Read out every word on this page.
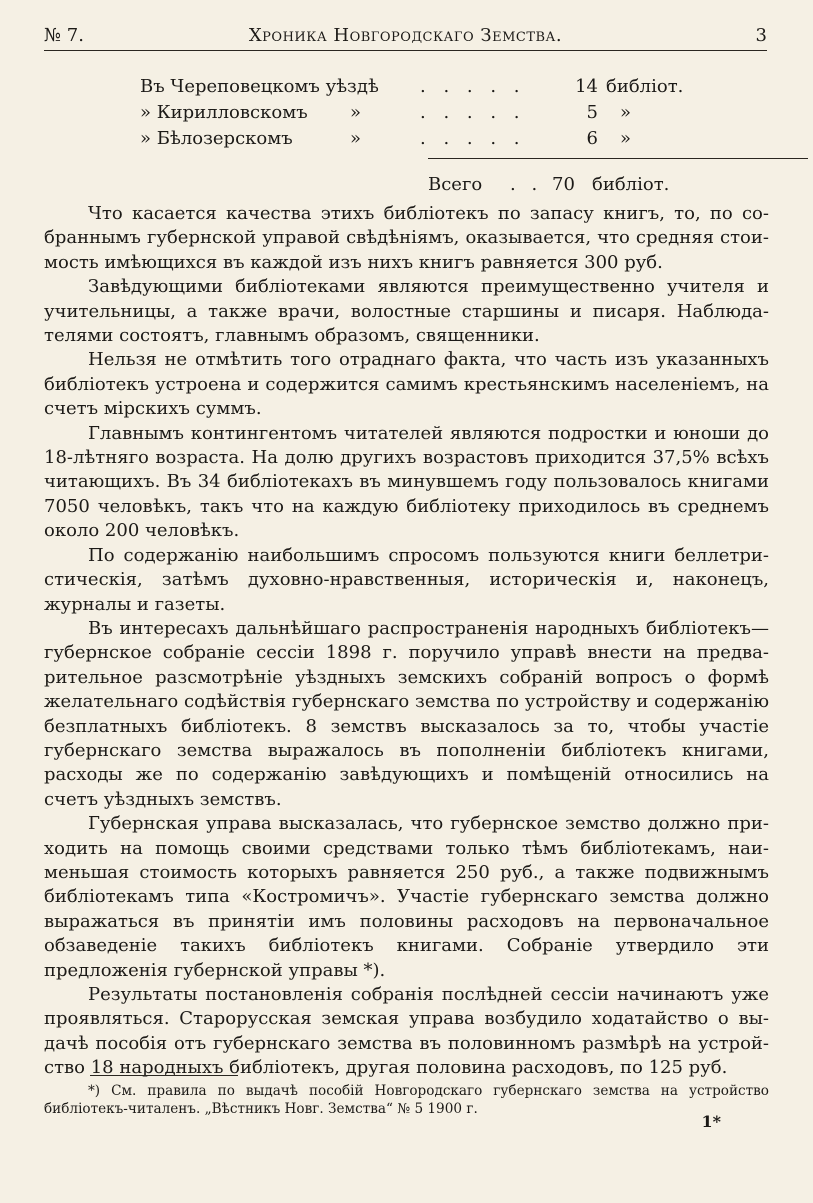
№ 7.	Хроника Новгородскаго Земства.	3
Въ Череповецкомъ уѣздѣ . . . . .	14 библiот.
» Кирилловскомъ »	. . . . .	5 »
» Бѣлозерскомъ	»	. . . . .	6 »
Всего . . 70 библiот.

Что касается качества этихъ библiотекъ по запасу книгъ, то, по собраннымъ губернской управой свѣдѣнiямъ, оказывается, что средняя стоимость имѣющихся въ каждой изъ нихъ книгъ равняется 300 руб.

Завѣдующими библiотеками являются преимущественно учителя и учительницы, а также врачи, волостные старшины и писаря. Наблюдателями состоятъ, главнымъ образомъ, священники.

Нельзя не отмѣтить того отраднаго факта, что часть изъ указанныхъ библiотекъ устроена и содержится самимъ крестьянскимъ населенiемъ, на счетъ мiрскихъ суммъ.

Главнымъ контингентомъ читателей являются подростки и юноши до 18-лѣтняго возраста. На долю другихъ возрастовъ приходится 37,5% всѣхъ читающихъ. Въ 34 библiотекахъ въ минувшемъ году пользовалось книгами 7050 человѣкъ, такъ что на каждую библiотеку приходилось въ среднемъ около 200 человѣкъ.

По содержанiю наибольшимъ спросомъ пользуются книги беллетристическiя, затѣмъ духовно-нравственныя, историческiя и, наконецъ, журналы и газеты.

Въ интересахъ дальнѣйшаго распространенiя народныхъ библiотекъ— губернское собранiе сессiи 1898 г. поручило управѣ внести на предварительное разсмотрѣнiе уѣздныхъ земскихъ собранiй вопросъ о формѣ желательнаго содѣйствiя губернскаго земства по устройству и содержанiю безплатныхъ библiотекъ. 8 земствъ высказалось за то, чтобы участiе губернскаго земства выражалось въ пополненiи библiотекъ книгами, расходы же по содержанiю завѣдующихъ и помѣщенiй относились на счетъ уѣздныхъ земствъ.

Губернская управа высказалась, что губернское земство должно приходить на помощь своими средствами только тѣмъ библiотекамъ, наименьшая стоимость которыхъ равняется 250 руб., а также подвижнымъ библiотекамъ типа «Костромичъ». Участiе губернскаго земства должно выражаться въ принятiи имъ половины расходовъ на первоначальное обзаведенiе такихъ библiотекъ книгами. Собранiе утвердило эти предложенiя губернской управы *).

Результаты постановленiя собранiя послѣдней сессiи начинаютъ уже проявляться. Старорусская земская управа возбудило ходатайство о выдачѣ пособiя отъ губернскаго земства въ половинномъ размѣрѣ на устройство 18 народныхъ библiотекъ, другая половина расходовъ, по 125 руб.

*) См. правила по выдачѣ пособiй Новгородскаго губернскаго земства на устройство библiотекъ-читаленъ. „Вѣстникъ Новг. Земства“ № 5 1900 г.
1*
